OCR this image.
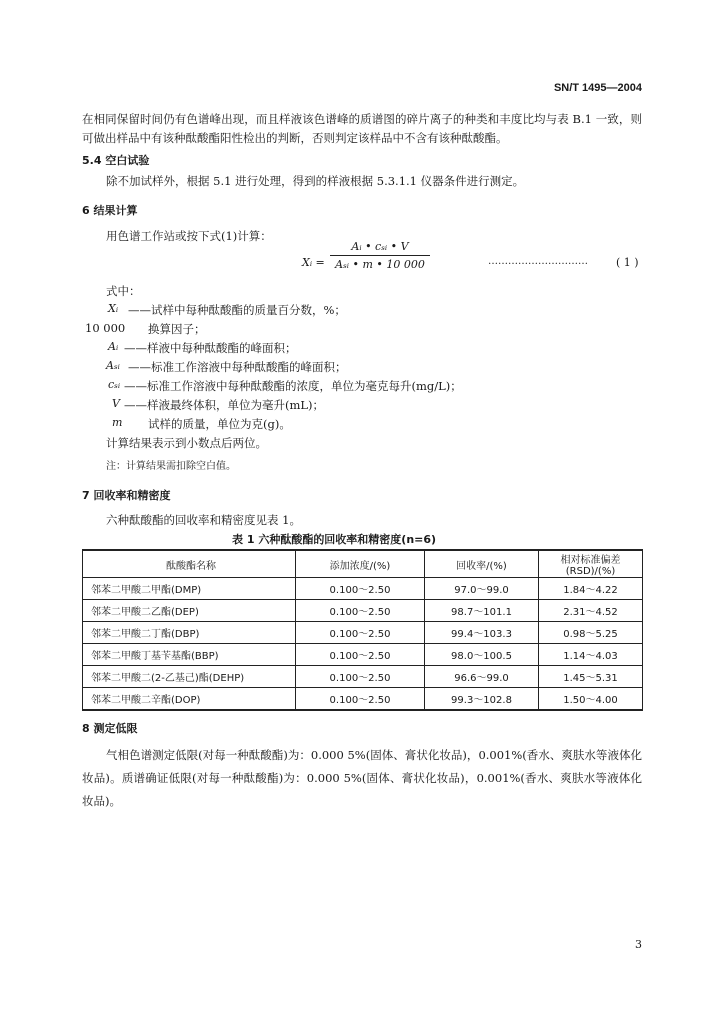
SN/T 1495—2004
在相同保留时间仍有色谱峰出现，而且样液该色谱峰的质谱图的碎片离子的种类和丰度比均与表 B.1 一致，则可做出样品中有该种酞酸酯阳性检出的判断，否则判定该样品中不含有该种酞酸酯。
5.4 空白试验
除不加试样外，根据 5.1 进行处理，得到的样液根据 5.3.1.1 仪器条件进行测定。
6 结果计算
用色谱工作站或按下式(1)计算：
Xᵢ =
Aᵢ • cₛᵢ • V
Aₛᵢ • m • 10 000	…………………………	( 1 )
式中：
Xᵢ ——试样中每种酞酸酯的质量百分数，%；
10 000 换算因子；
Aᵢ ——样液中每种酞酸酯的峰面积；
Aₛᵢ ——标准工作溶液中每种酞酸酯的峰面积；
cₛᵢ ——标准工作溶液中每种酞酸酯的浓度，单位为毫克每升(mg/L)；
V ——样液最终体积，单位为毫升(mL)；
m 试样的质量，单位为克(g)。
计算结果表示到小数点后两位。
注：计算结果需扣除空白值。
7 回收率和精密度
六种酞酸酯的回收率和精密度见表 1。
表 1 六种酞酸酯的回收率和精密度(n=6)
酞酸酯名称	添加浓度/(%)	回收率/(%)	相对标准偏差(RSD)/(%)
邻苯二甲酸二甲酯(DMP)	0.100～2.50	97.0～99.0	1.84～4.22
邻苯二甲酸二乙酯(DEP)	0.100～2.50	98.7～101.1	2.31～4.52
邻苯二甲酸二丁酯(DBP)	0.100～2.50	99.4～103.3	0.98～5.25
邻苯二甲酸丁基苄基酯(BBP)	0.100～2.50	98.0～100.5	1.14～4.03
邻苯二甲酸二(2-乙基己)酯(DEHP)	0.100～2.50	96.6～99.0	1.45～5.31
邻苯二甲酸二辛酯(DOP)	0.100～2.50	99.3～102.8	1.50～4.00
8 测定低限
气相色谱测定低限(对每一种酞酸酯)为：0.000 5%(固体、膏状化妆品)，0.001%(香水、爽肤水等液体化妆品)。质谱确证低限(对每一种酞酸酯)为：0.000 5%(固体、膏状化妆品)，0.001%(香水、爽肤水等液体化妆品)。
3
